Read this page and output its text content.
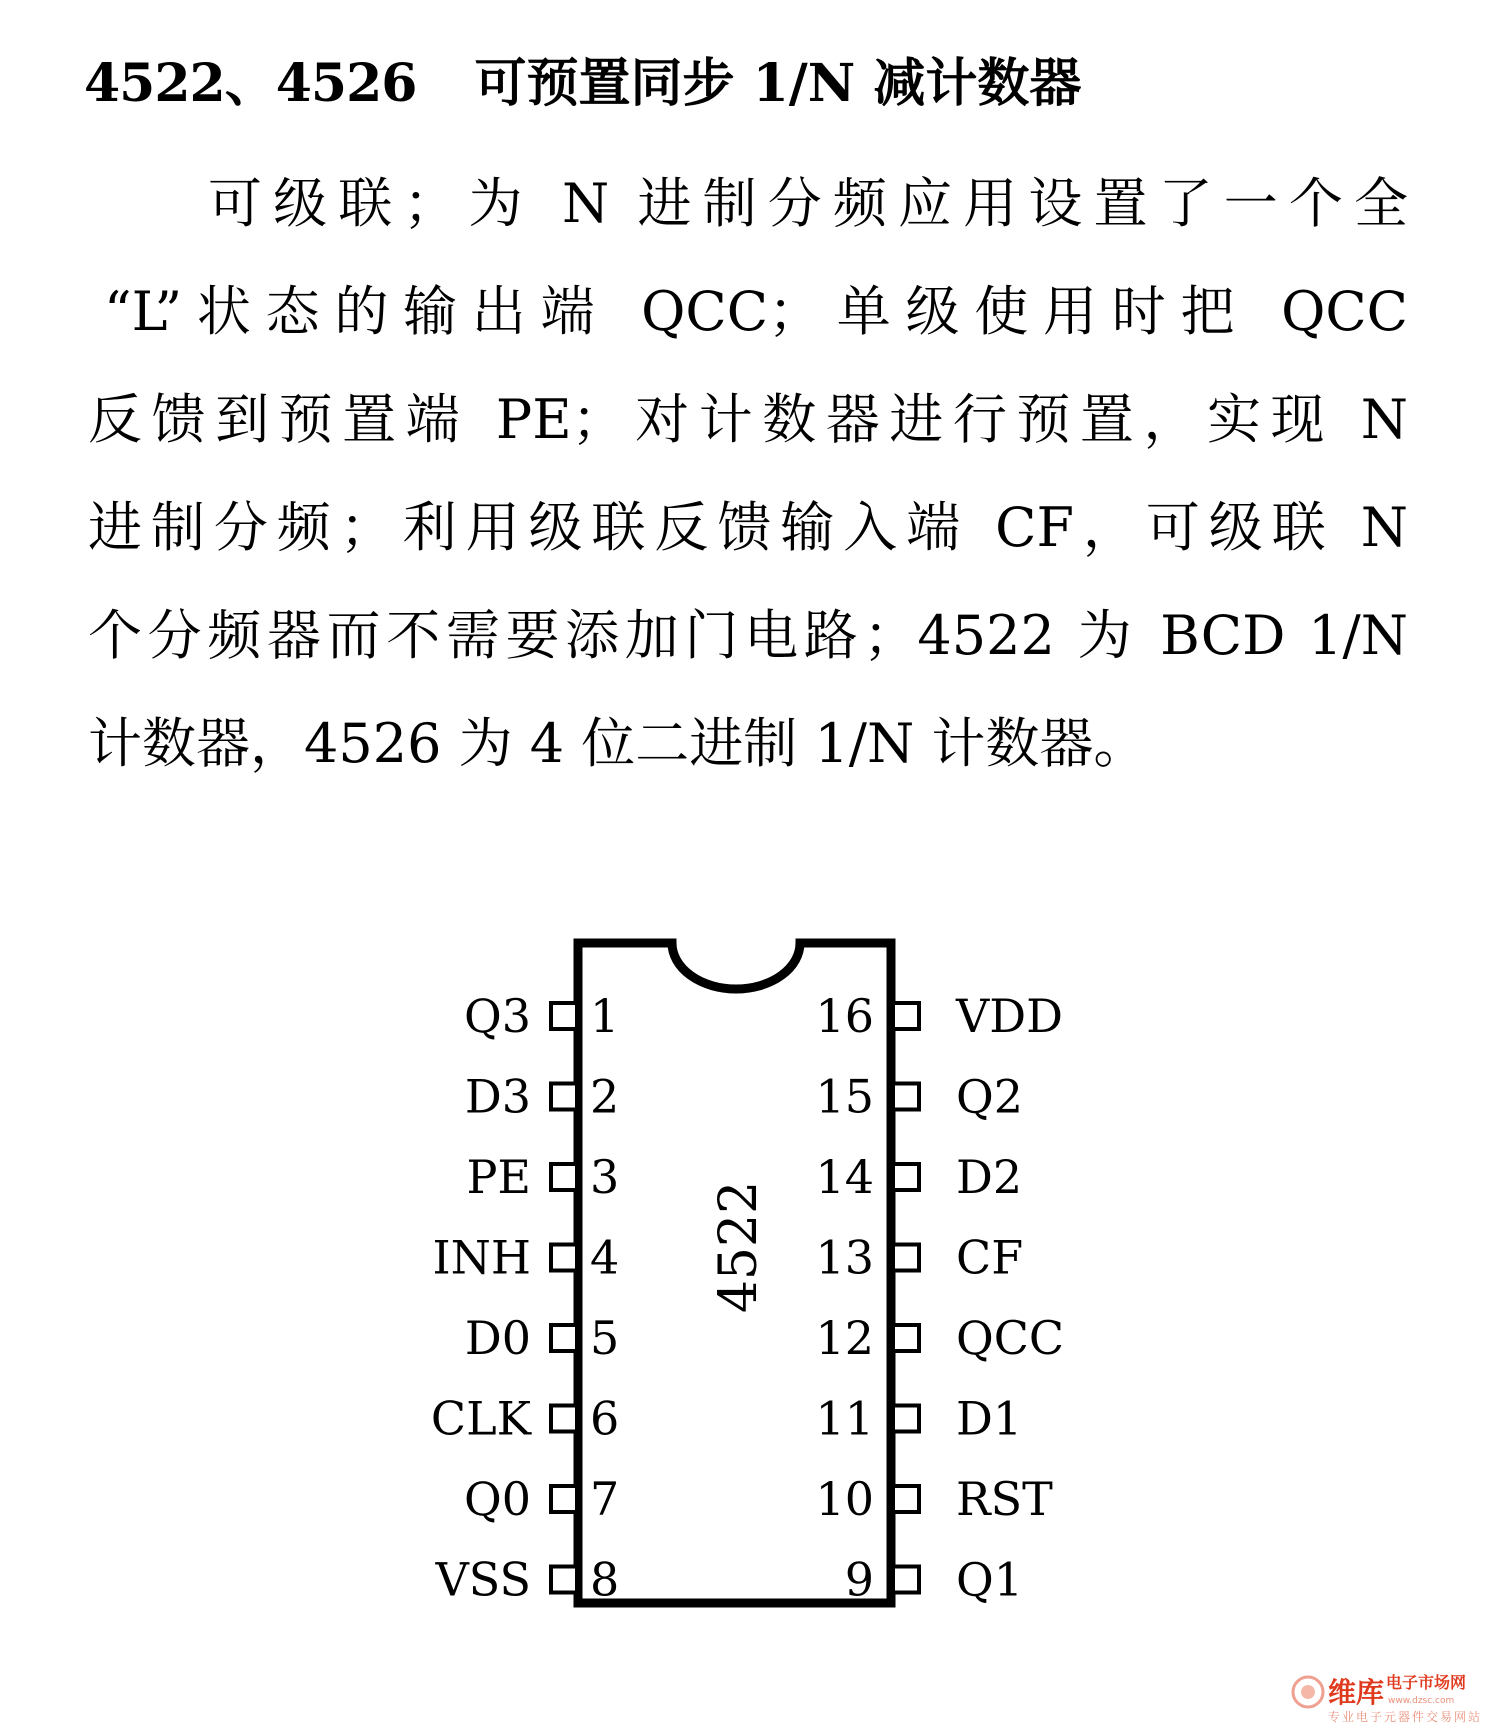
4522、4526 可预置同步 1/N 减计数器
可级联；为 N 进制分频应用设置了一个全
“L”状态的输出端 QCC；单级使用时把 QCC
反馈到预置端 PE；对计数器进行预置，实现 N
进制分频；利用级联反馈输入端 CF，可级联 N
个分频器而不需要添加门电路；4522 为 BCD 1/N
计数器，4526 为 4 位二进制 1/N 计数器。
4522
Q3 1
D3 2
PE 3
INH 4
D0 5
CLK 6
Q0 7
VSS 8
16 VDD
15 Q2
14 D2
13 CF
12 QCC
11 D1
10 RST
9 Q1
维库 电子市场网
www.dzsc.com
专业电子元器件交易网站
